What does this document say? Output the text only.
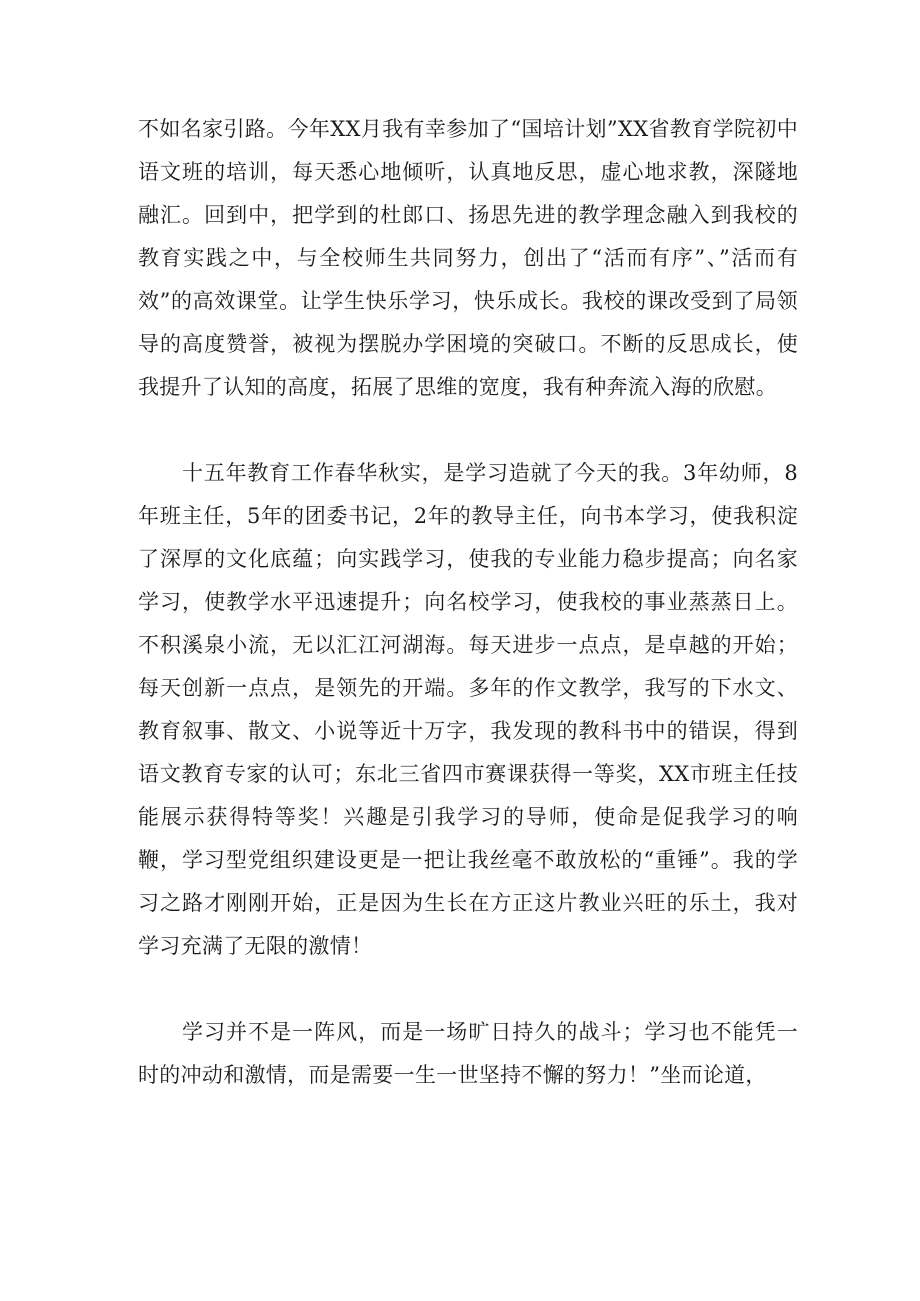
不如名家引路。今年XX月我有幸参加了“国培计划”XX省教育学院初中语文班的培训，每天悉心地倾听，认真地反思，虚心地求教，深隧地融汇。回到中，把学到的杜郎口、扬思先进的教学理念融入到我校的教育实践之中，与全校师生共同努力，创出了“活而有序”、”活而有效”的高效课堂。让学生快乐学习，快乐成长。我校的课改受到了局领导的高度赞誉，被视为摆脱办学困境的突破口。不断的反思成长，使我提升了认知的高度，拓展了思维的宽度，我有种奔流入海的欣慰。

十五年教育工作春华秋实，是学习造就了今天的我。3年幼师，8年班主任，5年的团委书记，2年的教导主任，向书本学习，使我积淀了深厚的文化底蕴；向实践学习，使我的专业能力稳步提高；向名家学习，使教学水平迅速提升；向名校学习，使我校的事业蒸蒸日上。不积溪泉小流，无以汇江河湖海。每天进步一点点，是卓越的开始；每天创新一点点，是领先的开端。多年的作文教学，我写的下水文、教育叙事、散文、小说等近十万字，我发现的教科书中的错误，得到语文教育专家的认可；东北三省四市赛课获得一等奖，XX市班主任技能展示获得特等奖！兴趣是引我学习的导师，使命是促我学习的响鞭，学习型党组织建设更是一把让我丝毫不敢放松的“重锤”。我的学习之路才刚刚开始，正是因为生长在方正这片教业兴旺的乐土，我对学习充满了无限的激情！

学习并不是一阵风，而是一场旷日持久的战斗；学习也不能凭一时的冲动和激情，而是需要一生一世坚持不懈的努力！”坐而论道，
